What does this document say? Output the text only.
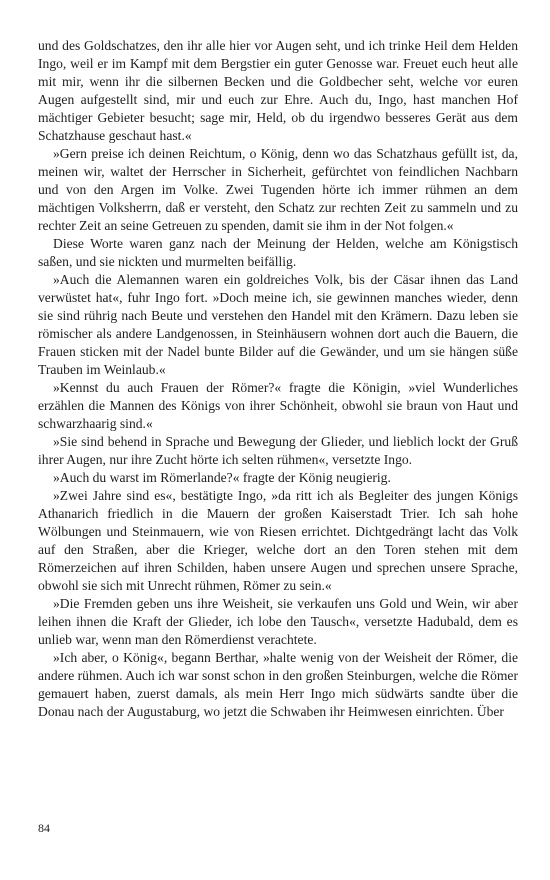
und des Goldschatzes, den ihr alle hier vor Augen seht, und ich trinke Heil dem Helden Ingo, weil er im Kampf mit dem Bergstier ein guter Genosse war. Freuet euch heut alle mit mir, wenn ihr die silbernen Becken und die Goldbecher seht, welche vor euren Augen aufgestellt sind, mir und euch zur Ehre. Auch du, Ingo, hast manchen Hof mächtiger Gebieter besucht; sage mir, Held, ob du irgendwo besseres Gerät aus dem Schatzhause geschaut hast.«

»Gern preise ich deinen Reichtum, o König, denn wo das Schatzhaus gefüllt ist, da, meinen wir, waltet der Herrscher in Sicherheit, gefürchtet von feindlichen Nachbarn und von den Argen im Volke. Zwei Tugenden hörte ich immer rühmen an dem mächtigen Volksherrn, daß er versteht, den Schatz zur rechten Zeit zu sammeln und zu rechter Zeit an seine Getreuen zu spenden, damit sie ihm in der Not folgen.«

Diese Worte waren ganz nach der Meinung der Helden, welche am Königstisch saßen, und sie nickten und murmelten beifällig.

»Auch die Alemannen waren ein goldreiches Volk, bis der Cäsar ihnen das Land verwüstet hat«, fuhr Ingo fort. »Doch meine ich, sie gewinnen manches wieder, denn sie sind rührig nach Beute und verstehen den Handel mit den Krämern. Dazu leben sie römischer als andere Landgenossen, in Steinhäusern wohnen dort auch die Bauern, die Frauen sticken mit der Nadel bunte Bilder auf die Gewänder, und um sie hängen süße Trauben im Weinlaub.«

»Kennst du auch Frauen der Römer?« fragte die Königin, »viel Wunderliches erzählen die Mannen des Königs von ihrer Schönheit, obwohl sie braun von Haut und schwarzhaarig sind.«

»Sie sind behend in Sprache und Bewegung der Glieder, und lieblich lockt der Gruß ihrer Augen, nur ihre Zucht hörte ich selten rühmen«, versetzte Ingo.

»Auch du warst im Römerlande?« fragte der König neugierig.

»Zwei Jahre sind es«, bestätigte Ingo, »da ritt ich als Begleiter des jungen Königs Athanarich friedlich in die Mauern der großen Kaiserstadt Trier. Ich sah hohe Wölbungen und Steinmauern, wie von Riesen errichtet. Dichtgedrängt lacht das Volk auf den Straßen, aber die Krieger, welche dort an den Toren stehen mit dem Römerzeichen auf ihren Schilden, haben unsere Augen und sprechen unsere Sprache, obwohl sie sich mit Unrecht rühmen, Römer zu sein.«

»Die Fremden geben uns ihre Weisheit, sie verkaufen uns Gold und Wein, wir aber leihen ihnen die Kraft der Glieder, ich lobe den Tausch«, versetzte Hadubald, dem es unlieb war, wenn man den Römerdienst verachtete.

»Ich aber, o König«, begann Berthar, »halte wenig von der Weisheit der Römer, die andere rühmen. Auch ich war sonst schon in den großen Steinburgen, welche die Römer gemauert haben, zuerst damals, als mein Herr Ingo mich südwärts sandte über die Donau nach der Augustaburg, wo jetzt die Schwaben ihr Heimwesen einrichten. Über

84
